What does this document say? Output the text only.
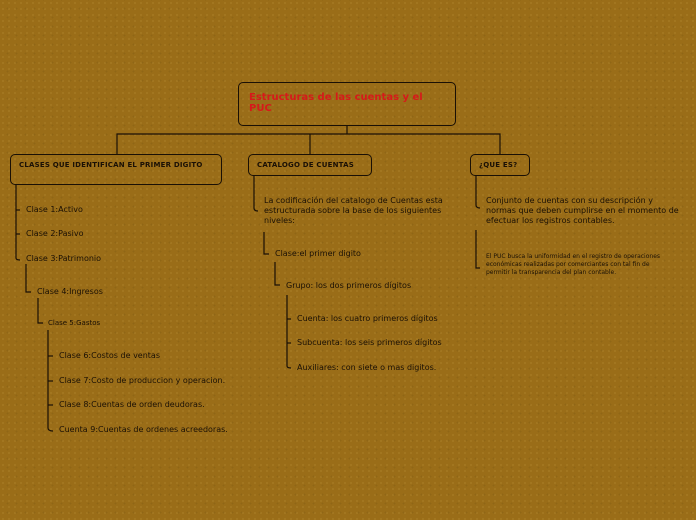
Estructuras de las cuentas y el PUC
CLASES QUE IDENTIFICAN EL PRIMER DIGITO
Clase 1:Activo
Clase 2:Pasivo
Clase 3:Patrimonio
Clase 4:Ingresos
Clase 5:Gastos
Clase 6:Costos de ventas
Clase 7:Costo de produccion y operacion.
Clase 8:Cuentas de orden deudoras.
Cuenta 9:Cuentas de ordenes acreedoras.
CATALOGO DE CUENTAS
La codificación del catalogo de Cuentas esta estructurada sobre la base de los siguientes niveles:
Clase:el primer digito
Grupo: los dos primeros dígitos
Cuenta: los cuatro primeros dígitos
Subcuenta: los seis primeros dígitos
Auxiliares: con siete o mas digitos.
¿QUE ES?
Conjunto de cuentas con su descripción y normas que deben cumplirse en el momento de efectuar los registros contables.
El PUC busca la uniformidad en el registro de operaciones económicas realizadas por comerciantes con tal fin de permitir la transparencia del plan contable.
